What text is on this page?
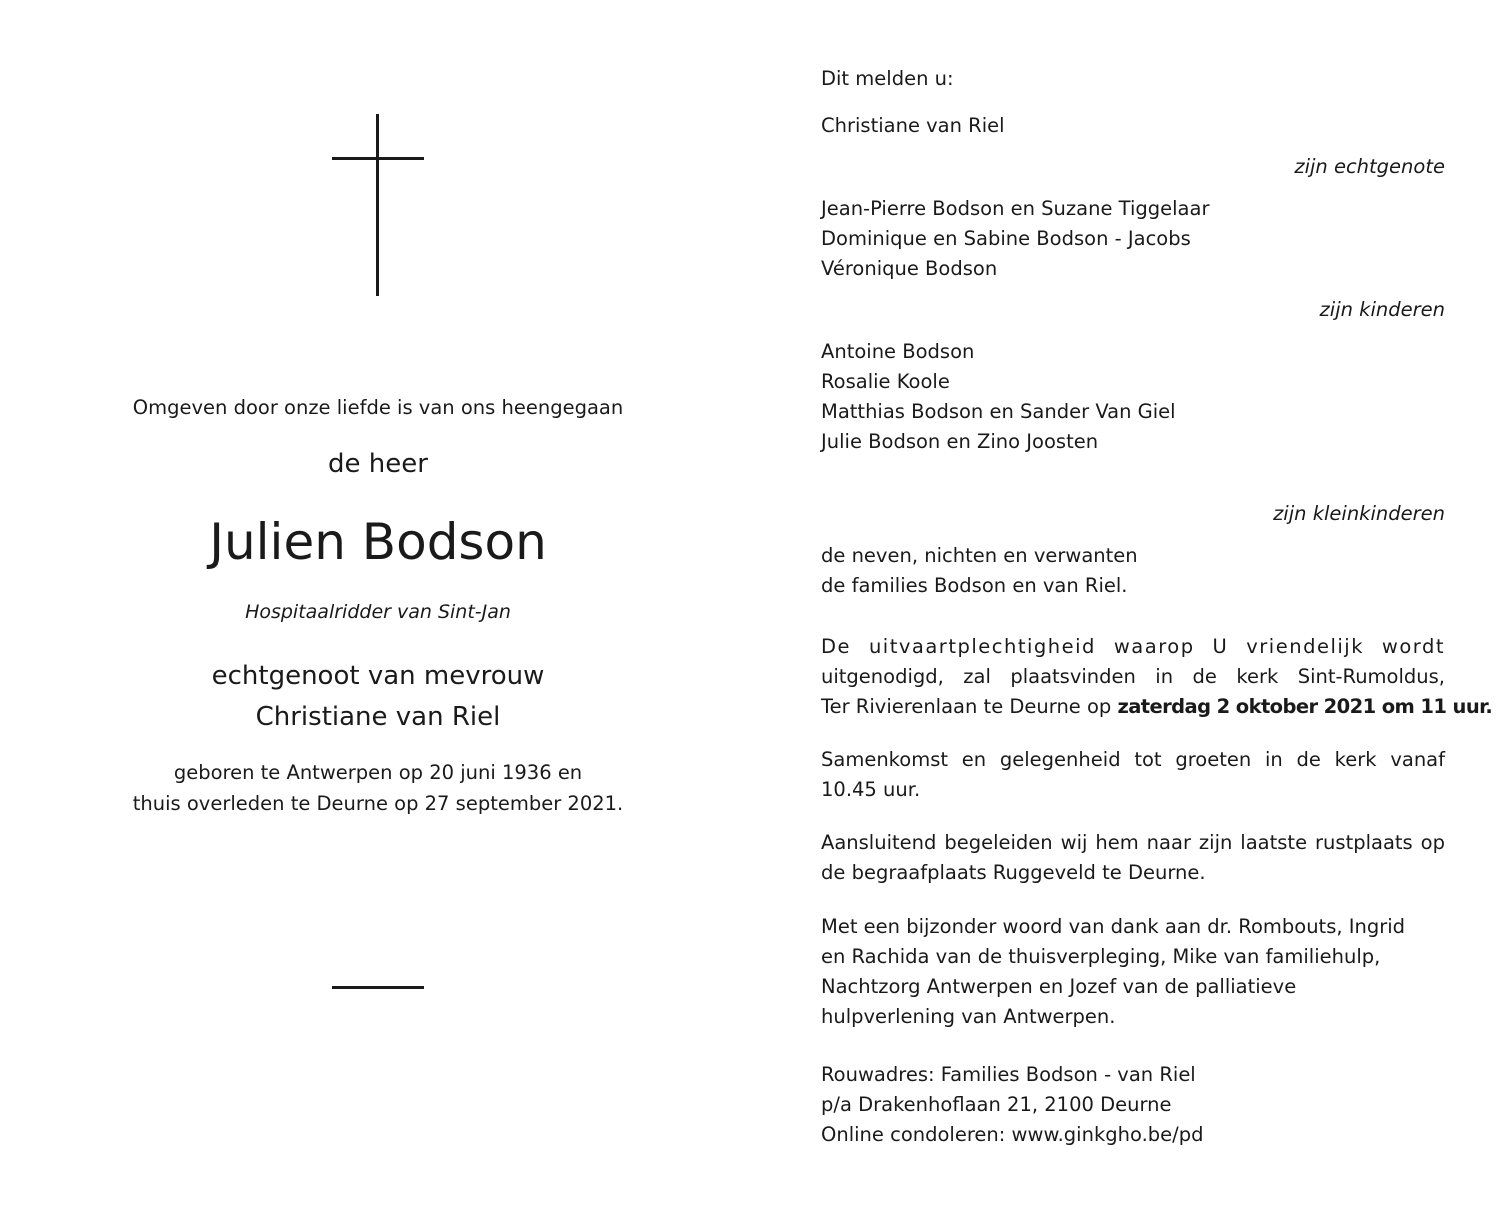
Omgeven door onze liefde is van ons heengegaan
de heer
Julien Bodson
Hospitaalridder van Sint-Jan
echtgenoot van mevrouw
Christiane van Riel
geboren te Antwerpen op 20 juni 1936 en
thuis overleden te Deurne op 27 september 2021.
Dit melden u:
Christiane van Riel
zijn echtgenote
Jean-Pierre Bodson en Suzane Tiggelaar
Dominique en Sabine Bodson - Jacobs
Véronique Bodson
zijn kinderen
Antoine Bodson
Rosalie Koole
Matthias Bodson en Sander Van Giel
Julie Bodson en Zino Joosten
zijn kleinkinderen
de neven, nichten en verwanten
de families Bodson en van Riel.
De uitvaartplechtigheid waarop U vriendelijk wordt
uitgenodigd, zal plaatsvinden in de kerk Sint-Rumoldus,
Ter Rivierenlaan te Deurne op zaterdag 2 oktober 2021 om 11 uur.
Samenkomst en gelegenheid tot groeten in de kerk vanaf
10.45 uur.
Aansluitend begeleiden wij hem naar zijn laatste rustplaats op
de begraafplaats Ruggeveld te Deurne.
Met een bijzonder woord van dank aan dr. Rombouts, Ingrid
en Rachida van de thuisverpleging, Mike van familiehulp,
Nachtzorg Antwerpen en Jozef van de palliatieve
hulpverlening van Antwerpen.
Rouwadres: Families Bodson - van Riel
p/a Drakenhoflaan 21, 2100 Deurne
Online condoleren: www.ginkgho.be/pd
